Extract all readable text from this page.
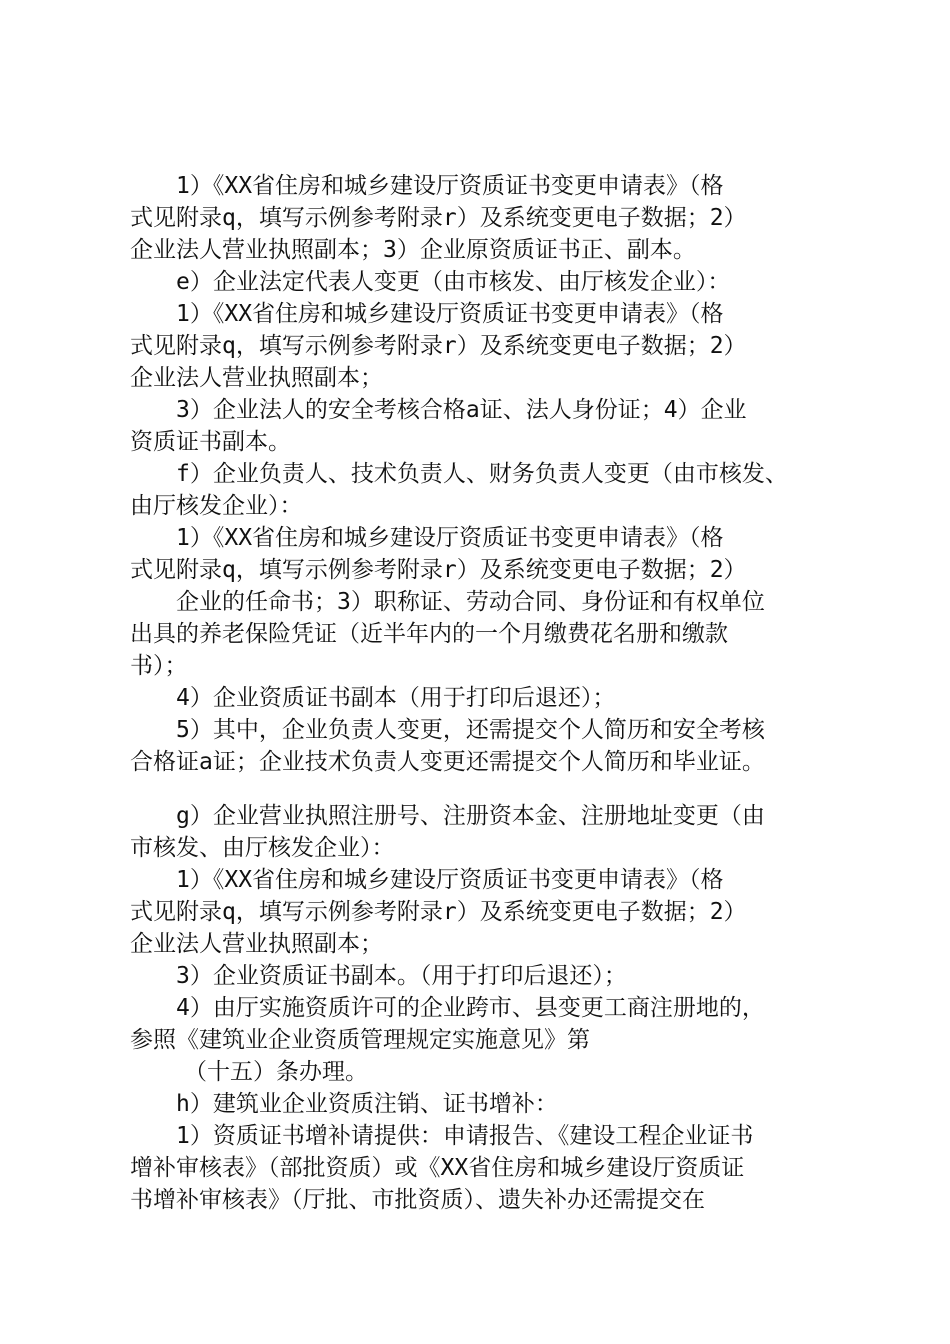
1）《XX省住房和城乡建设厅资质证书变更申请表》（格
式见附录q，填写示例参考附录r）及系统变更电子数据；2）
企业法人营业执照副本；3）企业原资质证书正、副本。
e）企业法定代表人变更（由市核发、由厅核发企业）：
1）《XX省住房和城乡建设厅资质证书变更申请表》（格
式见附录q，填写示例参考附录r）及系统变更电子数据；2）
企业法人营业执照副本；
3）企业法人的安全考核合格a证、法人身份证；4）企业
资质证书副本。
f）企业负责人、技术负责人、财务负责人变更（由市核发、
由厅核发企业）：
1）《XX省住房和城乡建设厅资质证书变更申请表》（格
式见附录q，填写示例参考附录r）及系统变更电子数据；2）
企业的任命书；3）职称证、劳动合同、身份证和有权单位
出具的养老保险凭证（近半年内的一个月缴费花名册和缴款
书）；
4）企业资质证书副本（用于打印后退还）；
5）其中，企业负责人变更，还需提交个人简历和安全考核
合格证a证；企业技术负责人变更还需提交个人简历和毕业证。
g）企业营业执照注册号、注册资本金、注册地址变更（由
市核发、由厅核发企业）：
1）《XX省住房和城乡建设厅资质证书变更申请表》（格
式见附录q，填写示例参考附录r）及系统变更电子数据；2）
企业法人营业执照副本；
3）企业资质证书副本。（用于打印后退还）；
4）由厅实施资质许可的企业跨市、县变更工商注册地的，
参照《建筑业企业资质管理规定实施意见》第
（十五）条办理。
h）建筑业企业资质注销、证书增补：
1）资质证书增补请提供：申请报告、《建设工程企业证书
增补审核表》（部批资质）或《XX省住房和城乡建设厅资质证
书增补审核表》（厅批、市批资质）、遗失补办还需提交在
